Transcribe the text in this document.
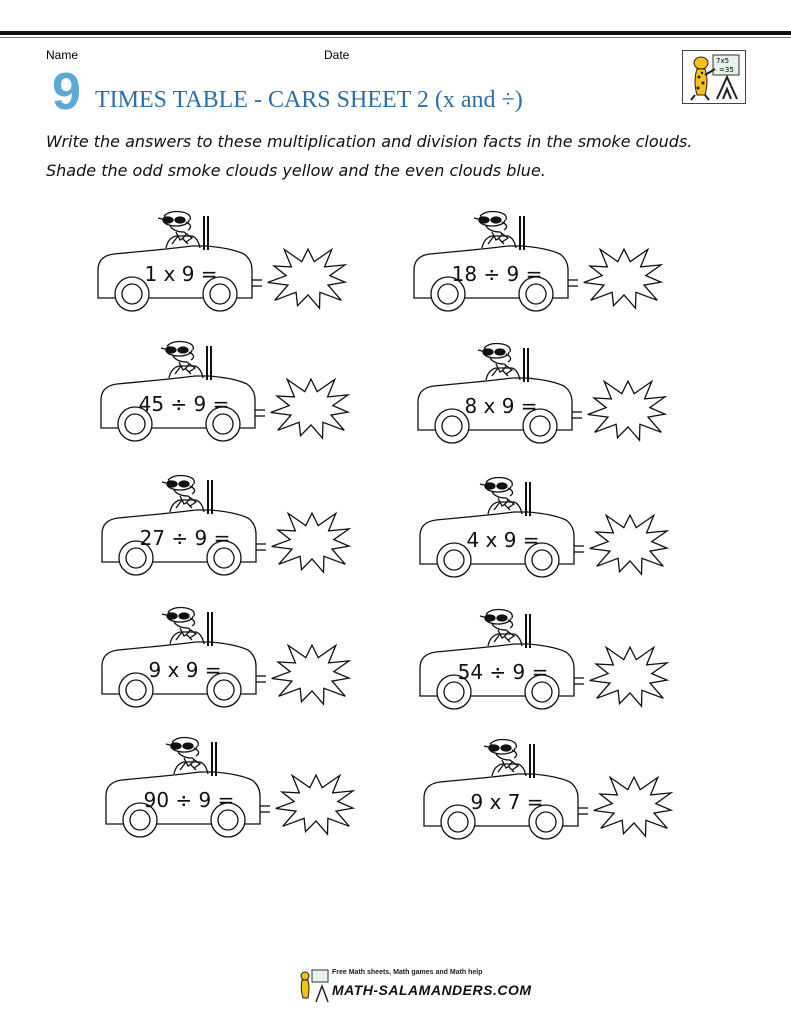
Name	Date
9 TIMES TABLE - CARS SHEET 2 (x and ÷)
7x5
=35
Write the answers to these multiplication and division facts in the smoke clouds.
Shade the odd smoke clouds yellow and the even clouds blue.
1 x 9 =	18 ÷ 9 =
45 ÷ 9 =	8 x 9 =
27 ÷ 9 =	4 x 9 =
9 x 9 =	54 ÷ 9 =
90 ÷ 9 =	9 x 7 =
Free Math sheets, Math games and Math help
MATH-SALAMANDERS.COM
